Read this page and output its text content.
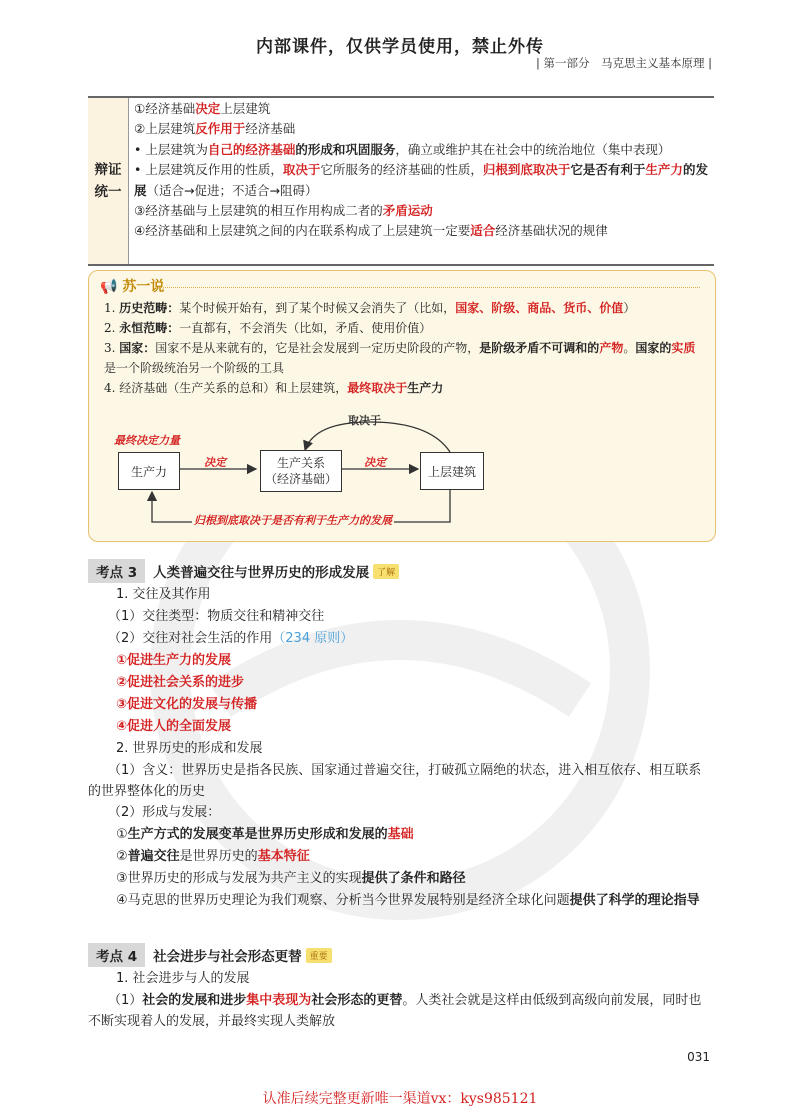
内部课件，仅供学员使用，禁止外传
| 第一部分　马克思主义基本原理 |
辩证
统一
①经济基础决定上层建筑
②上层建筑反作用于经济基础
• 上层建筑为自己的经济基础的形成和巩固服务，确立或维护其在社会中的统治地位（集中表现）
• 上层建筑反作用的性质，取决于它所服务的经济基础的性质，归根到底取决于它是否有利于生产力的发展（适合→促进；不适合→阻碍）
③经济基础与上层建筑的相互作用构成二者的矛盾运动
④经济基础和上层建筑之间的内在联系构成了上层建筑一定要适合经济基础状况的规律
📢 苏一说
1. 历史范畴：某个时候开始有，到了某个时候又会消失了（比如，国家、阶级、商品、货币、价值）
2. 永恒范畴：一直都有，不会消失（比如，矛盾、使用价值）
3. 国家：国家不是从来就有的，它是社会发展到一定历史阶段的产物，是阶级矛盾不可调和的产物。国家的实质是一个阶级统治另一个阶级的工具
4. 经济基础（生产关系的总和）和上层建筑，最终取决于生产力
生产力
生产关系
（经济基础）
上层建筑
最终决定力量
决定	决定
取决于
归根到底取决于是否有利于生产力的发展
考点 3	人类普遍交往与世界历史的形成发展 了解
1. 交往及其作用
（1）交往类型：物质交往和精神交往
（2）交往对社会生活的作用（234 原则）
①促进生产力的发展
②促进社会关系的进步
③促进文化的发展与传播
④促进人的全面发展
2. 世界历史的形成和发展
（1）含义：世界历史是指各民族、国家通过普遍交往，打破孤立隔绝的状态，进入相互依存、相互联系的世界整体化的历史
（2）形成与发展：
①生产方式的发展变革是世界历史形成和发展的基础
②普遍交往是世界历史的基本特征
③世界历史的形成与发展为共产主义的实现提供了条件和路径
④马克思的世界历史理论为我们观察、分析当今世界发展特别是经济全球化问题提供了科学的理论指导
考点 4	社会进步与社会形态更替 重要
1. 社会进步与人的发展
（1）社会的发展和进步集中表现为社会形态的更替。人类社会就是这样由低级到高级向前发展，同时也不断实现着人的发展，并最终实现人类解放
031
认准后续完整更新唯一渠道vx：kys985121
